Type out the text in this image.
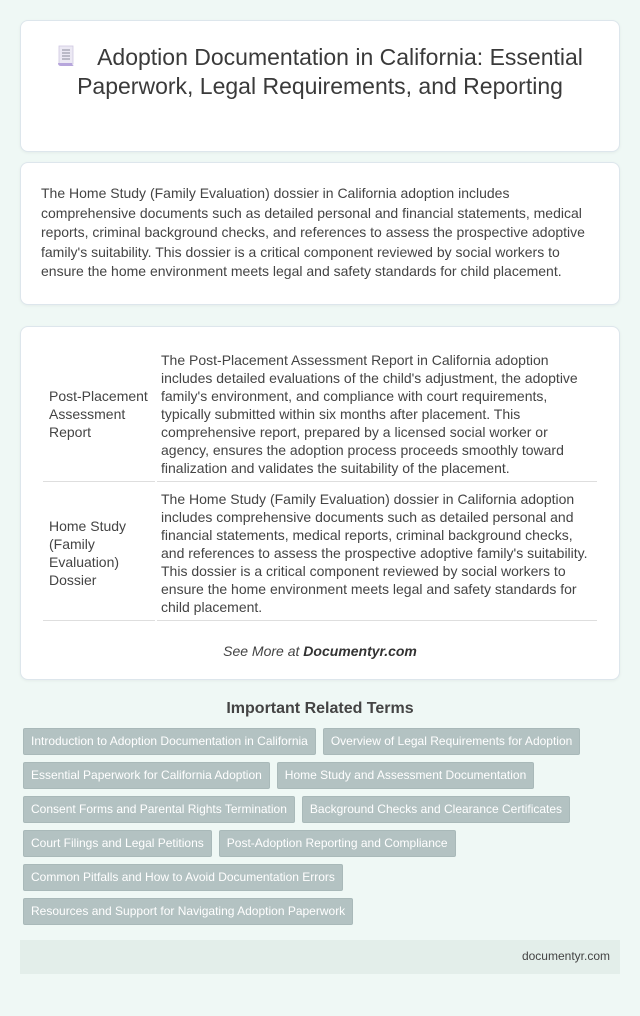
Adoption Documentation in California: Essential Paperwork, Legal Requirements, and Reporting

The Home Study (Family Evaluation) dossier in California adoption includes comprehensive documents such as detailed personal and financial statements, medical reports, criminal background checks, and references to assess the prospective adoptive family's suitability. This dossier is a critical component reviewed by social workers to ensure the home environment meets legal and safety standards for child placement.

Post-Placement Assessment Report	The Post-Placement Assessment Report in California adoption includes detailed evaluations of the child's adjustment, the adoptive family's environment, and compliance with court requirements, typically submitted within six months after placement. This comprehensive report, prepared by a licensed social worker or agency, ensures the adoption process proceeds smoothly toward finalization and validates the suitability of the placement.
Home Study (Family Evaluation) Dossier	The Home Study (Family Evaluation) dossier in California adoption includes comprehensive documents such as detailed personal and financial statements, medical reports, criminal background checks, and references to assess the prospective adoptive family's suitability. This dossier is a critical component reviewed by social workers to ensure the home environment meets legal and safety standards for child placement.

See More at Documentyr.com

Important Related Terms
Introduction to Adoption Documentation in California	Overview of Legal Requirements for Adoption
Essential Paperwork for California Adoption	Home Study and Assessment Documentation
Consent Forms and Parental Rights Termination	Background Checks and Clearance Certificates
Court Filings and Legal Petitions	Post-Adoption Reporting and Compliance
Common Pitfalls and How to Avoid Documentation Errors
Resources and Support for Navigating Adoption Paperwork
documentyr.com
